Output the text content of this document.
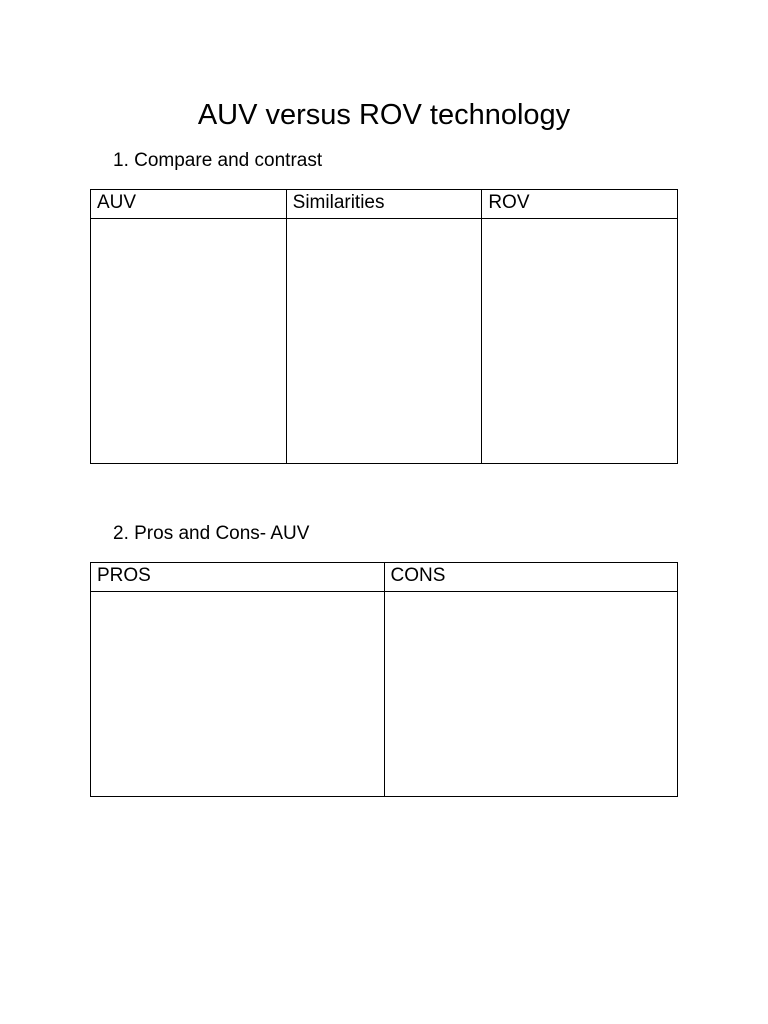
AUV versus ROV technology
1. Compare and contrast
AUV	Similarities	ROV

2. Pros and Cons- AUV
PROS	CONS
